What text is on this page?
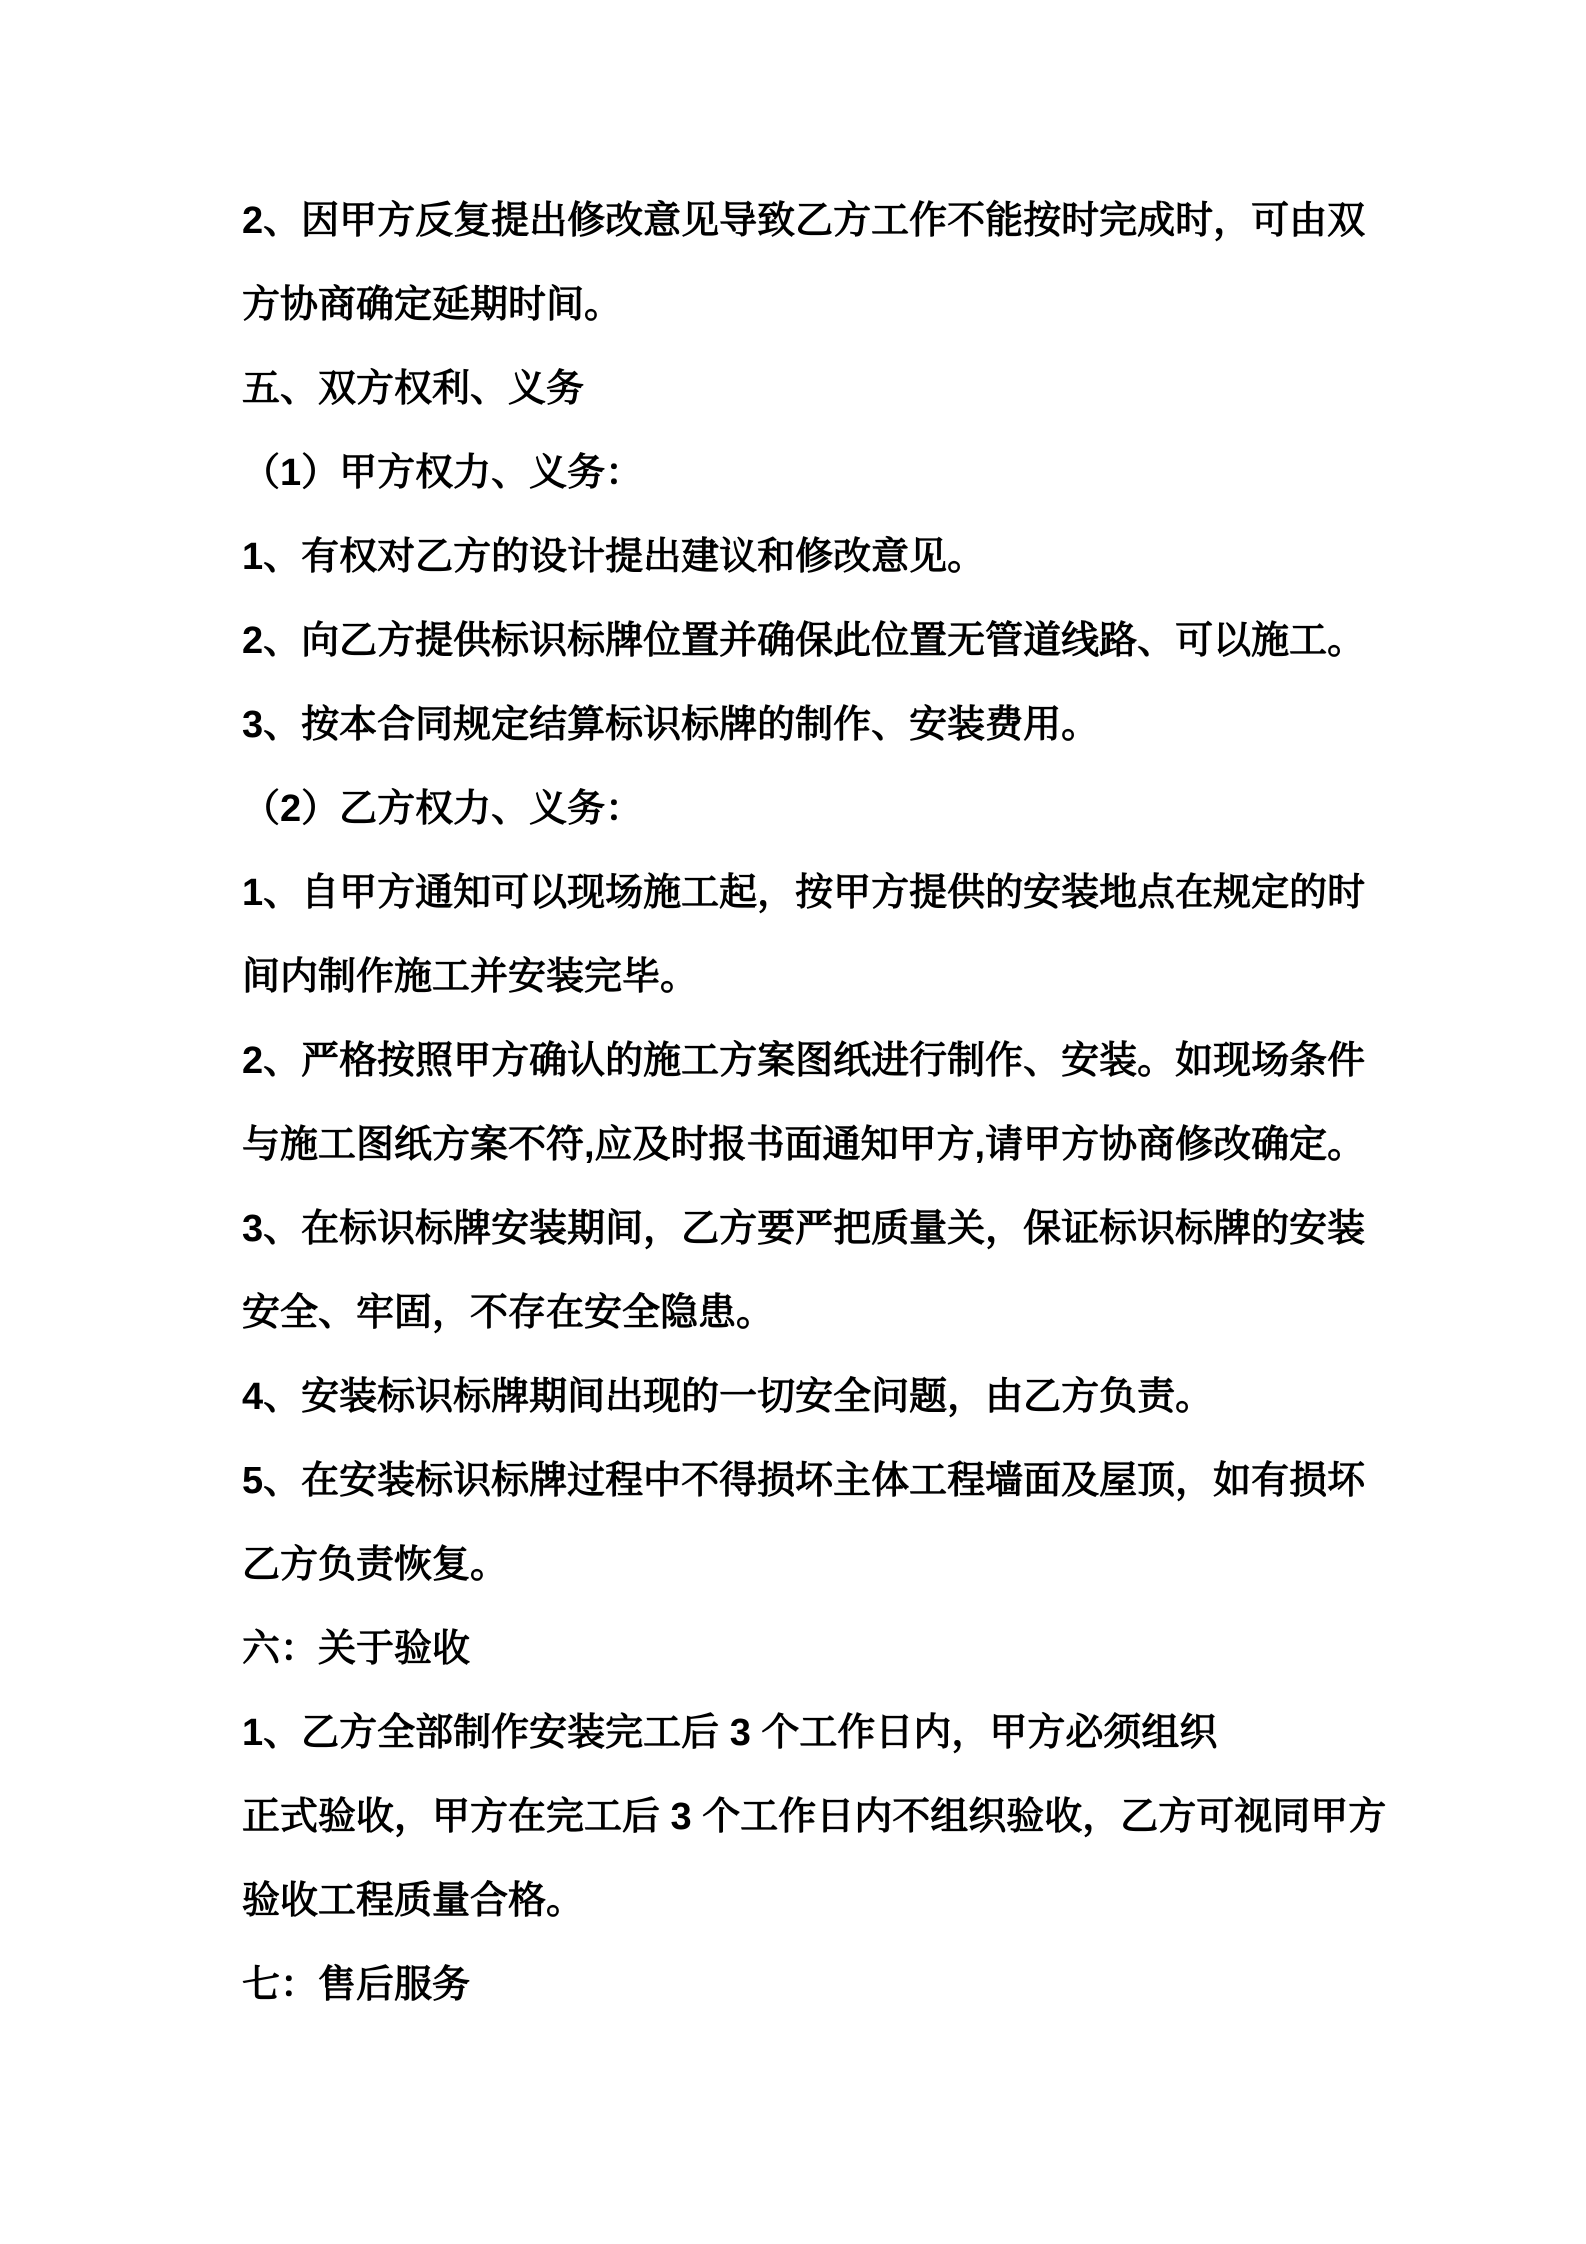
2、因甲方反复提出修改意见导致乙方工作不能按时完成时，可由双
方协商确定延期时间。
五、双方权利、义务
（1）甲方权力、义务：
1、有权对乙方的设计提出建议和修改意见。
2、向乙方提供标识标牌位置并确保此位置无管道线路、可以施工。
3、按本合同规定结算标识标牌的制作、安装费用。
（2）乙方权力、义务：
1、自甲方通知可以现场施工起，按甲方提供的安装地点在规定的时
间内制作施工并安装完毕。
2、严格按照甲方确认的施工方案图纸进行制作、安装。如现场条件
与施工图纸方案不符,应及时报书面通知甲方,请甲方协商修改确定。
3、在标识标牌安装期间，乙方要严把质量关，保证标识标牌的安装
安全、牢固，不存在安全隐患。
4、安装标识标牌期间出现的一切安全问题，由乙方负责。
5、在安装标识标牌过程中不得损坏主体工程墙面及屋顶，如有损坏
乙方负责恢复。
六：关于验收
1、乙方全部制作安装完工后 3 个工作日内，甲方必须组织
正式验收，甲方在完工后 3 个工作日内不组织验收，乙方可视同甲方
验收工程质量合格。
七：售后服务
